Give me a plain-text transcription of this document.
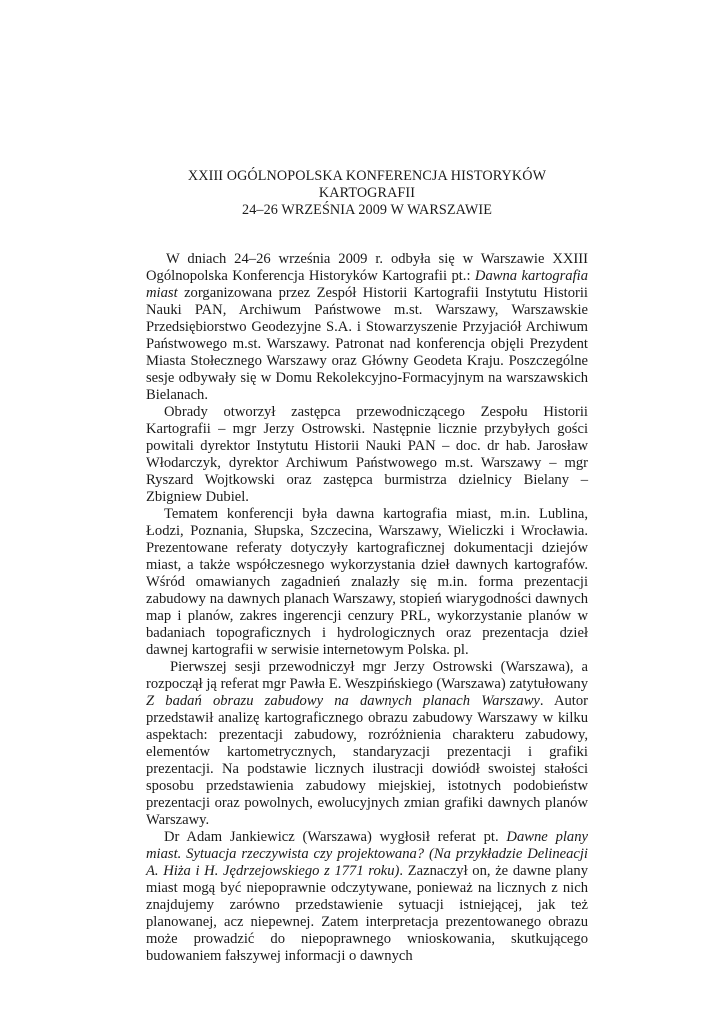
XXIII OGÓLNOPOLSKA KONFERENCJA HISTORYKÓW KARTOGRAFII
24–26 WRZEŚNIA 2009 W WARSZAWIE

W dniach 24–26 września 2009 r. odbyła się w Warszawie XXIII Ogólnopolska Konferencja Historyków Kartografii pt.: Dawna kartografia miast zorganizowana przez Zespół Historii Kartografii Instytutu Historii Nauki PAN, Archiwum Państwowe m.st. Warszawy, Warszawskie Przedsiębiorstwo Geodezyjne S.A. i Stowarzyszenie Przyjaciół Archiwum Państwowego m.st. Warszawy. Patronat nad konferencja objęli Prezydent Miasta Stołecznego Warszawy oraz Główny Geodeta Kraju. Poszczególne sesje odbywały się w Domu Rekolekcyjno-Formacyjnym na warszawskich Bielanach.

Obrady otworzył zastępca przewodniczącego Zespołu Historii Kartografii – mgr Jerzy Ostrowski. Następnie licznie przybyłych gości powitali dyrektor Instytutu Historii Nauki PAN – doc. dr hab. Jarosław Włodarczyk, dyrektor Archiwum Państwowego m.st. Warszawy – mgr Ryszard Wojtkowski oraz zastępca burmistrza dzielnicy Bielany – Zbigniew Dubiel.

Tematem konferencji była dawna kartografia miast, m.in. Lublina, Łodzi, Poznania, Słupska, Szczecina, Warszawy, Wieliczki i Wrocławia. Prezentowane referaty dotyczyły kartograficznej dokumentacji dziejów miast, a także współczesnego wykorzystania dzieł dawnych kartografów. Wśród omawianych zagadnień znalazły się m.in. forma prezentacji zabudowy na dawnych planach Warszawy, stopień wiarygodności dawnych map i planów, zakres ingerencji cenzury PRL, wykorzystanie planów w badaniach topograficznych i hydrologicznych oraz prezentacja dzieł dawnej kartografii w serwisie internetowym Polska. pl.

Pierwszej sesji przewodniczył mgr Jerzy Ostrowski (Warszawa), a rozpoczął ją referat mgr Pawła E. Weszpińskiego (Warszawa) zatytułowany Z badań obrazu zabudowy na dawnych planach Warszawy. Autor przedstawił analizę kartograficznego obrazu zabudowy Warszawy w kilku aspektach: prezentacji zabudowy, rozróżnienia charakteru zabudowy, elementów kartometrycznych, standaryzacji prezentacji i grafiki prezentacji. Na podstawie licznych ilustracji dowiódł swoistej stałości sposobu przedstawienia zabudowy miejskiej, istotnych podobieństw prezentacji oraz powolnych, ewolucyjnych zmian grafiki dawnych planów Warszawy.

Dr Adam Jankiewicz (Warszawa) wygłosił referat pt. Dawne plany miast. Sytuacja rzeczywista czy projektowana? (Na przykładzie Delineacji A. Hiża i H. Jędrzejowskiego z 1771 roku). Zaznaczył on, że dawne plany miast mogą być niepoprawnie odczytywane, ponieważ na licznych z nich znajdujemy zarówno przedstawienie sytuacji istniejącej, jak też planowanej, acz niepewnej. Zatem interpretacja prezentowanego obrazu może prowadzić do niepoprawnego wnioskowania, skutkującego budowaniem fałszywej informacji o dawnych
